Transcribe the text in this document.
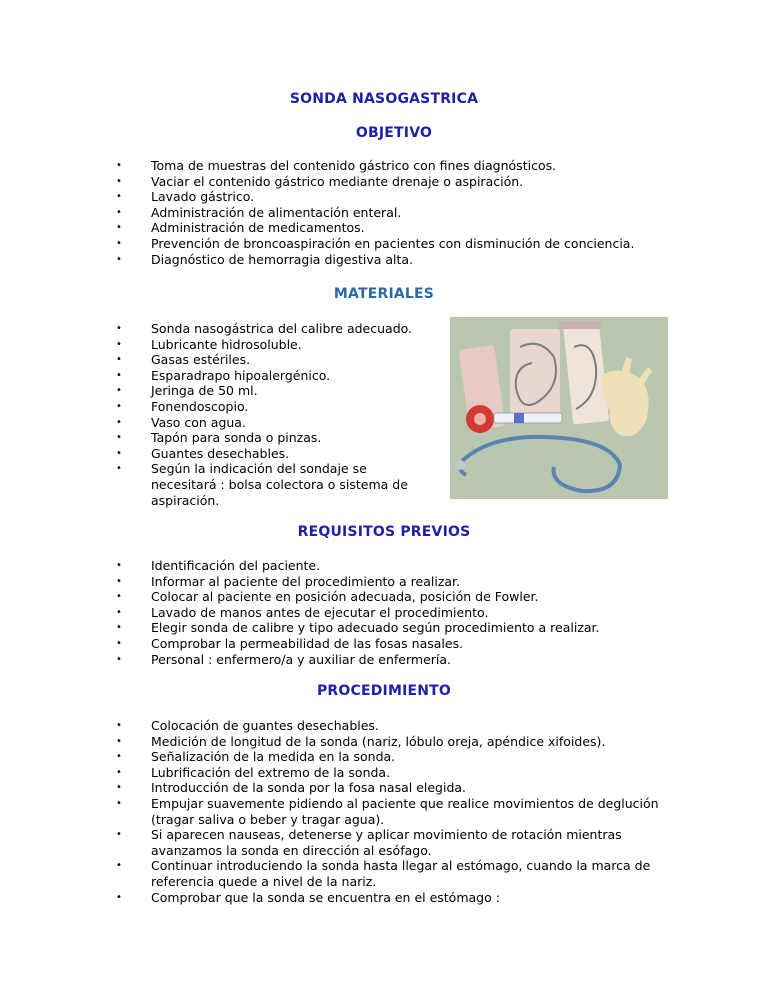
SONDA NASOGASTRICA
OBJETIVO
• Toma de muestras del contenido gástrico con fines diagnósticos.
• Vaciar el contenido gástrico mediante drenaje o aspiración.
• Lavado gástrico.
• Administración de alimentación enteral.
• Administración de medicamentos.
• Prevención de broncoaspiración en pacientes con disminución de conciencia.
• Diagnóstico de hemorragia digestiva alta.
MATERIALES
• Sonda nasogástrica del calibre adecuado.
• Lubricante hidrosoluble.
• Gasas estériles.
• Esparadrapo hipoalergénico.
• Jeringa de 50 ml.
• Fonendoscopio.
• Vaso con agua.
• Tapón para sonda o pinzas.
• Guantes desechables.
• Según la indicación del sondaje se necesitará : bolsa colectora o sistema de aspiración.
REQUISITOS PREVIOS
• Identificación del paciente.
• Informar al paciente del procedimiento a realizar.
• Colocar al paciente en posición adecuada, posición de Fowler.
• Lavado de manos antes de ejecutar el procedimiento.
• Elegir sonda de calibre y tipo adecuado según procedimiento a realizar.
• Comprobar la permeabilidad de las fosas nasales.
• Personal : enfermero/a y auxiliar de enfermería.
PROCEDIMIENTO
• Colocación de guantes desechables.
• Medición de longitud de la sonda (nariz, lóbulo oreja, apéndice xifoides).
• Señalización de la medida en la sonda.
• Lubrificación del extremo de la sonda.
• Introducción de la sonda por la fosa nasal elegida.
• Empujar suavemente pidiendo al paciente que realice movimientos de deglución (tragar saliva o beber y tragar agua).
• Si aparecen nauseas, detenerse y aplicar movimiento de rotación mientras avanzamos la sonda en dirección al esófago.
• Continuar introduciendo la sonda hasta llegar al estómago, cuando la marca de referencia quede a nivel de la nariz.
• Comprobar que la sonda se encuentra en el estómago :
